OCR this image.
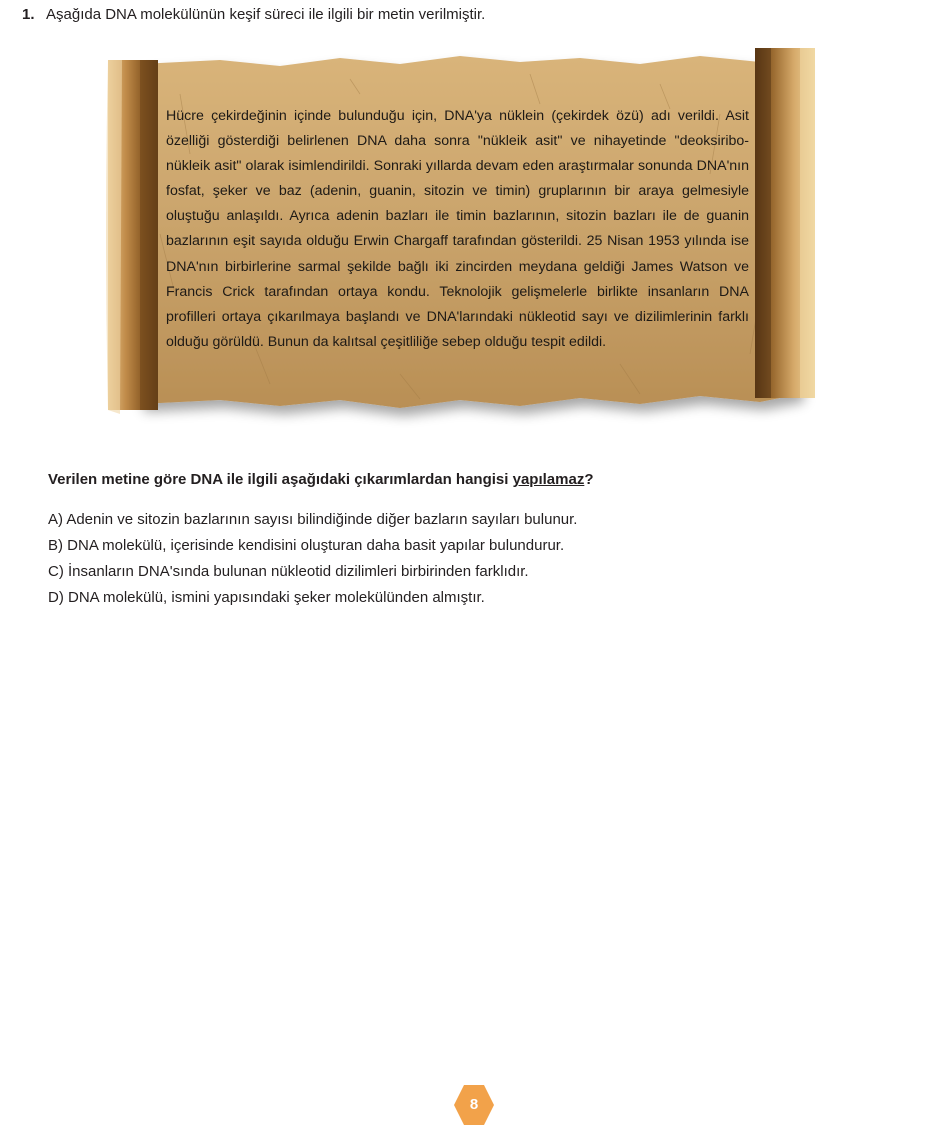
1. Aşağıda DNA molekülünün keşif süreci ile ilgili bir metin verilmiştir.

Hücre çekirdeğinin içinde bulunduğu için, DNA'ya nüklein (çekirdek özü) adı verildi. Asit özelliği gösterdiği belirlenen DNA daha sonra "nükleik asit" ve nihayetinde "deoksiribo-nükleik asit" olarak isimlendirildi. Sonraki yıllarda devam eden araştırmalar sonunda DNA'nın fosfat, şeker ve baz (adenin, guanin, sitozin ve timin) gruplarının bir araya gelmesiyle oluştuğu anlaşıldı. Ayrıca adenin bazları ile timin bazlarının, sitozin bazları ile de guanin bazlarının eşit sayıda olduğu Erwin Chargaff tarafından gösterildi. 25 Nisan 1953 yılında ise DNA'nın birbirlerine sarmal şekilde bağlı iki zincirden meydana geldiği James Watson ve Francis Crick tarafından ortaya kondu. Teknolojik gelişmelerle birlikte insanların DNA profilleri ortaya çıkarılmaya başlandı ve DNA'larındaki nükleotid sayı ve dizilimlerinin farklı olduğu görüldü. Bunun da kalıtsal çeşitliliğe sebep olduğu tespit edildi.

Verilen metine göre DNA ile ilgili aşağıdaki çıkarımlardan hangisi yapılamaz?
A) Adenin ve sitozin bazlarının sayısı bilindiğinde diğer bazların sayıları bulunur.
B) DNA molekülü, içerisinde kendisini oluşturan daha basit yapılar bulundurur.
C) İnsanların DNA'sında bulunan nükleotid dizilimleri birbirinden farklıdır.
D) DNA molekülü, ismini yapısındaki şeker molekülünden almıştır.
8
